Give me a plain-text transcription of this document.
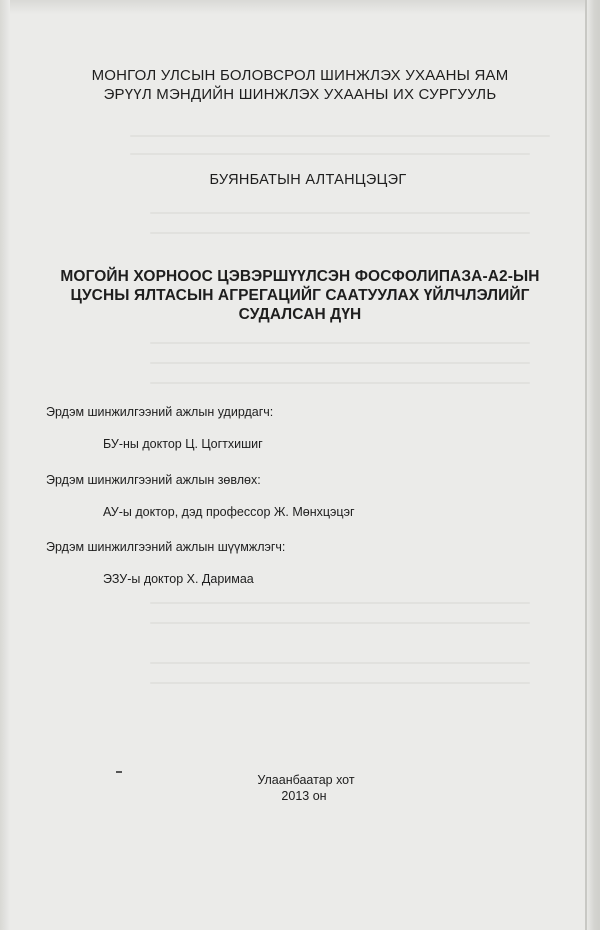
МОНГОЛ УЛСЫН БОЛОВСРОЛ ШИНЖЛЭХ УХААНЫ ЯАМ
ЭРҮҮЛ МЭНДИЙН ШИНЖЛЭХ УХААНЫ ИХ СУРГУУЛЬ
БУЯНБАТЫН АЛТАНЦЭЦЭГ
МОГОЙН ХОРНООС ЦЭВЭРШҮҮЛСЭН ФОСФОЛИПАЗА-А2-ЫН
ЦУСНЫ ЯЛТАСЫН АГРЕГАЦИЙГ СААТУУЛАХ ҮЙЛЧЛЭЛИЙГ
СУДАЛСАН ДҮН
Эрдэм шинжилгээний ажлын удирдагч:
БУ-ны доктор Ц. Цогтхишиг
Эрдэм шинжилгээний ажлын зөвлөх:
АУ-ы доктор, дэд профессор Ж. Мөнхцэцэг
Эрдэм шинжилгээний ажлын шүүмжлэгч:
ЭЗУ-ы доктор Х. Даримаа
Улаанбаатар хот
2013 он
